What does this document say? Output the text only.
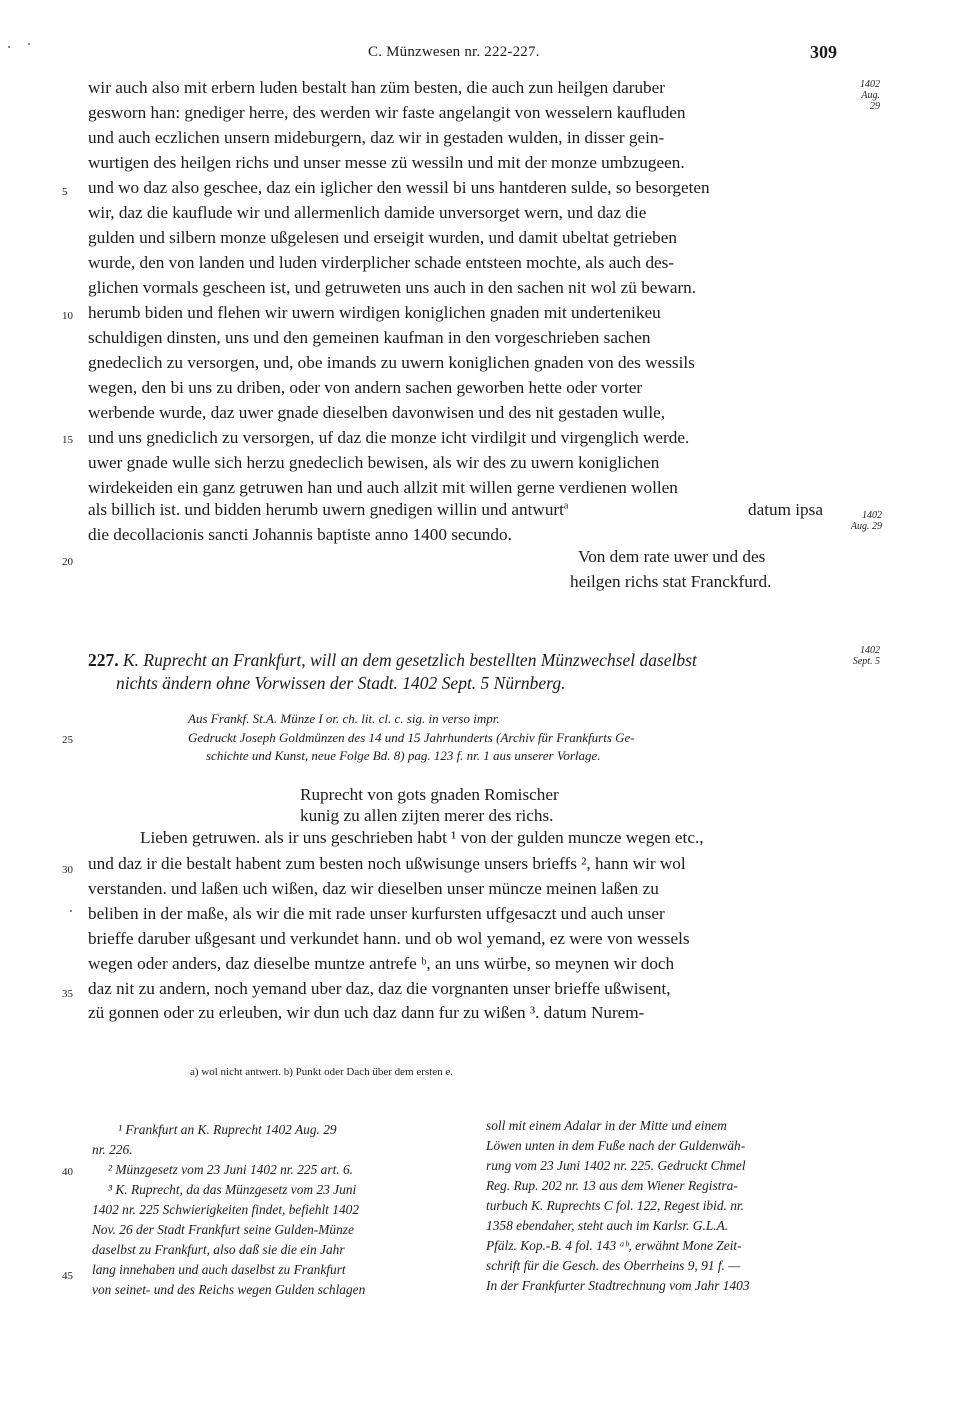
C. Münzwesen nr. 222-227.	309
1402
Aug. 29
1402
Aug. 29
1402
Sept. 5
5
10
15
20
25
30
35
40
45
wir auch also mit erbern luden bestalt han züm besten, die auch zun heilgen daruber
gesworn han: gnediger herre, des werden wir faste angelangit von wesselern kaufluden
und auch eczlichen unsern mideburgern, daz wir in gestaden wulden, in disser gein-
wurtigen des heilgen richs und unser messe zü wessiln und mit der monze umbzugeen.
und wo daz also geschee, daz ein iglicher den wessil bi uns hantderen sulde, so besorgeten
wir, daz die kauflude wir und allermenlich damide unversorget wern, und daz die
gulden und silbern monze ußgelesen und erseigit wurden, und damit ubeltat getrieben
wurde, den von landen und luden virderplicher schade entsteen mochte, als auch des-
glichen vormals gescheen ist, und getruweten uns auch in den sachen nit wol zü bewarn.
herumb biden und flehen wir uwern wirdigen koniglichen gnaden mit undertenikeu
schuldigen dinsten, uns und den gemeinen kaufman in den vorgeschrieben sachen
gnedeclich zu versorgen, und, obe imands zu uwern koniglichen gnaden von des wessils
wegen, den bi uns zu driben, oder von andern sachen geworben hette oder vorter
werbende wurde, daz uwer gnade dieselben davonwisen und des nit gestaden wulle,
und uns gnediclich zu versorgen, uf daz die monze icht virdilgit und virgenglich werde.
uwer gnade wulle sich herzu gnedeclich bewisen, als wir des zu uwern koniglichen
wirdekeiden ein ganz getruwen han und auch allzit mit willen gerne verdienen wollen
als billich ist. und bidden herumb uwern gnedigen willin und antwurt$^a$	datum ipsa
die decollacionis sancti Johannis baptiste anno 1400 secundo.
Von dem rate uwer und des
heilgen richs stat Franckfurd.
227. K. Ruprecht an Frankfurt, will an dem gesetzlich bestellten Münzwechsel daselbst
nichts ändern ohne Vorwissen der Stadt. 1402 Sept. 5 Nürnberg.
Aus Frankf. St.A. Münze I or. ch. lit. cl. c. sig. in verso impr.
Gedruckt Joseph Goldmünzen des 14 und 15 Jahrhunderts (Archiv für Frankfurts Ge-
schichte und Kunst, neue Folge Bd. 8) pag. 123 f. nr. 1 aus unserer Vorlage.
Ruprecht von gots gnaden Romischer
kunig zu allen zijten merer des richs.
Lieben getruwen. als ir uns geschrieben habt ¹ von der gulden muncze wegen etc.,
und daz ir die bestalt habent zum besten noch ußwisunge unsers brieffs ², hann wir wol
verstanden. und laßen uch wißen, daz wir dieselben unser müncze meinen laßen zu
beliben in der maße, als wir die mit rade unser kurfursten uffgesaczt und auch unser
brieffe daruber ußgesant und verkundet hann. und ob wol yemand, ez were von wessels
wegen oder anders, daz dieselbe muntze antrefe ᵇ, an uns würbe, so meynen wir doch
daz nit zu andern, noch yemand uber daz, daz die vorgnanten unser brieffe ußwisent,
zü gonnen oder zu erleuben, wir dun uch daz dann fur zu wißen ³. datum Nurem-
a) wol nicht antwert. b) Punkt oder Dach über dem ersten e.
¹ Frankfurt an K. Ruprecht 1402 Aug. 29
nr. 226.
² Münzgesetz vom 23 Juni 1402 nr. 225 art. 6.
³ K. Ruprecht, da das Münzgesetz vom 23 Juni
1402 nr. 225 Schwierigkeiten findet, befiehlt 1402
Nov. 26 der Stadt Frankfurt seine Gulden-Münze
daselbst zu Frankfurt, also daß sie die ein Jahr
lang innehaben und auch daselbst zu Frankfurt
von seinet- und des Reichs wegen Gulden schlagen
soll mit einem Adalar in der Mitte und einem
Löwen unten in dem Fuße nach der Guldenwäh-
rung vom 23 Juni 1402 nr. 225. Gedruckt Chmel
Reg. Rup. 202 nr. 13 aus dem Wiener Registra-
turbuch K. Ruprechts C fol. 122, Regest ibid. nr.
1358 ebendaher, steht auch im Karlsr. G.L.A.
Pfälz. Kop.-B. 4 fol. 143 ᵃᵇ, erwähnt Mone Zeit-
schrift für die Gesch. des Oberrheins 9, 91 f. —
In der Frankfurter Stadtrechnung vom Jahr 1403
